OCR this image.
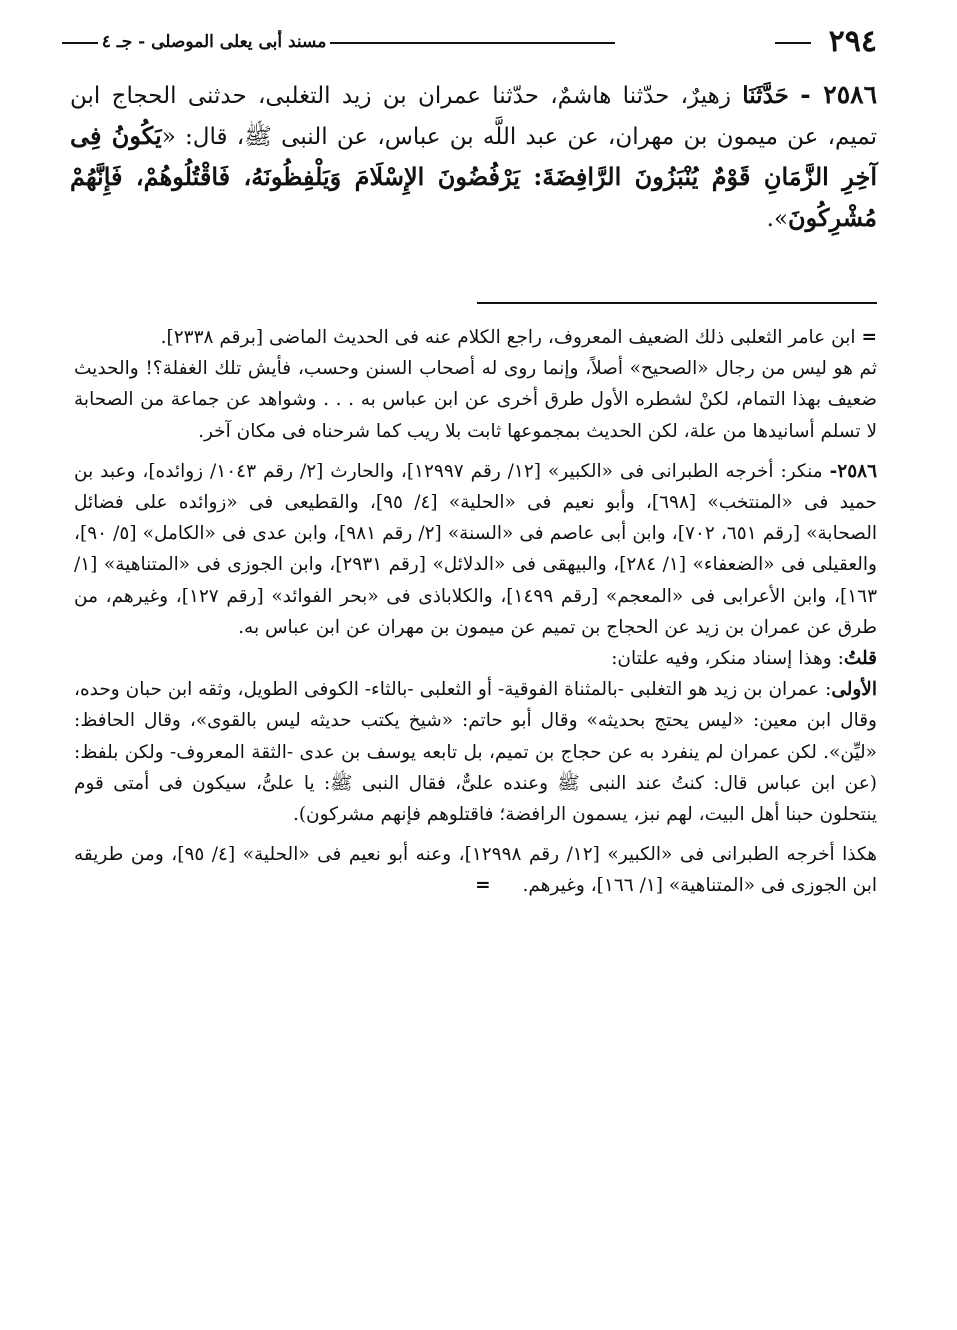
٢٩٤
مسند أبى يعلى الموصلى - جـ ٤
٢٥٨٦ - حَدَّثَنَا زهيرٌ، حدّثنا هاشمٌ، حدّثنا عمران بن زيد التغلبى، حدثنى الحجاج ابن تميم، عن ميمون بن مهران، عن عبد اللَّه بن عباس، عن النبى ﷺ، قال: «يَكُونُ فِى آخِرِ الزَّمَانِ قَوْمٌ يُنْبَزُونَ الرَّافِضَةَ: يَرْفُضُونَ الإِسْلَامَ وَيَلْفِظُونَهُ، فَاقْتُلُوهُمْ، فَإِنَّهُمْ مُشْرِكُونَ».

=ابن عامر الثعلبى ذلك الضعيف المعروف، راجع الكلام عنه فى الحديث الماضى [برقم ٢٣٣٨].
ثم هو ليس من رجال «الصحيح» أصلاً، وإنما روى له أصحاب السنن وحسب، فأيش تلك الغفلة؟! والحديث ضعيف بهذا التمام، لكنْ لشطره الأول طرق أخرى عن ابن عباس به . . . وشواهد عن جماعة من الصحابة لا تسلم أسانيدها من علة، لكن الحديث بمجموعها ثابت بلا ريب كما شرحناه فى مكان آخر.

٢٥٨٦- منكر: أخرجه الطبرانى فى «الكبير» [١٢/ رقم ١٢٩٩٧]، والحارث [٢/ رقم ١٠٤٣/ زوائده]، وعبد بن حميد فى «المنتخب» [٦٩٨]، وأبو نعيم فى «الحلية» [٤/ ٩٥]، والقطيعى فى «زوائده على فضائل الصحابة» [رقم ٦٥١، ٧٠٢]، وابن أبى عاصم فى «السنة» [٢/ رقم ٩٨١]، وابن عدى فى «الكامل» [٥/ ٩٠]، والعقيلى فى «الضعفاء» [١/ ٢٨٤]، والبيهقى فى «الدلائل» [رقم ٢٩٣١]، وابن الجوزى فى «المتناهية» [١/ ١٦٣]، وابن الأعرابى فى «المعجم» [رقم ١٤٩٩]، والكلاباذى فى «بحر الفوائد» [رقم ١٢٧]، وغيرهم، من طرق عن عمران بن زيد عن الحجاج بن تميم عن ميمون بن مهران عن ابن عباس به.
قلتُ: وهذا إسناد منكر، وفيه علتان:
الأولى: عمران بن زيد هو التغلبى -بالمثناة الفوقية- أو الثعلبى -بالثاء- الكوفى الطويل، وثقه ابن حبان وحده، وقال ابن معين: «ليس يحتج بحديثه» وقال أبو حاتم: «شيخ يكتب حديثه ليس بالقوى»، وقال الحافظ: «ليِّن». لكن عمران لم ينفرد به عن حجاج بن تميم، بل تابعه يوسف بن عدى -الثقة المعروف- ولكن بلفظ: (عن ابن عباس قال: كنتُ عند النبى ﷺ وعنده علىٌّ، فقال النبى ﷺ: يا علىُّ، سيكون فى أمتى قوم ينتحلون حبنا أهل البيت، لهم نبز، يسمون الرافضة؛ فاقتلوهم فإنهم مشركون).

هكذا أخرجه الطبرانى فى «الكبير» [١٢/ رقم ١٢٩٩٨]، وعنه أبو نعيم فى «الحلية» [٤/ ٩٥]، ومن طريقه ابن الجوزى فى «المتناهية» [١/ ١٦٦]، وغيرهم. =
